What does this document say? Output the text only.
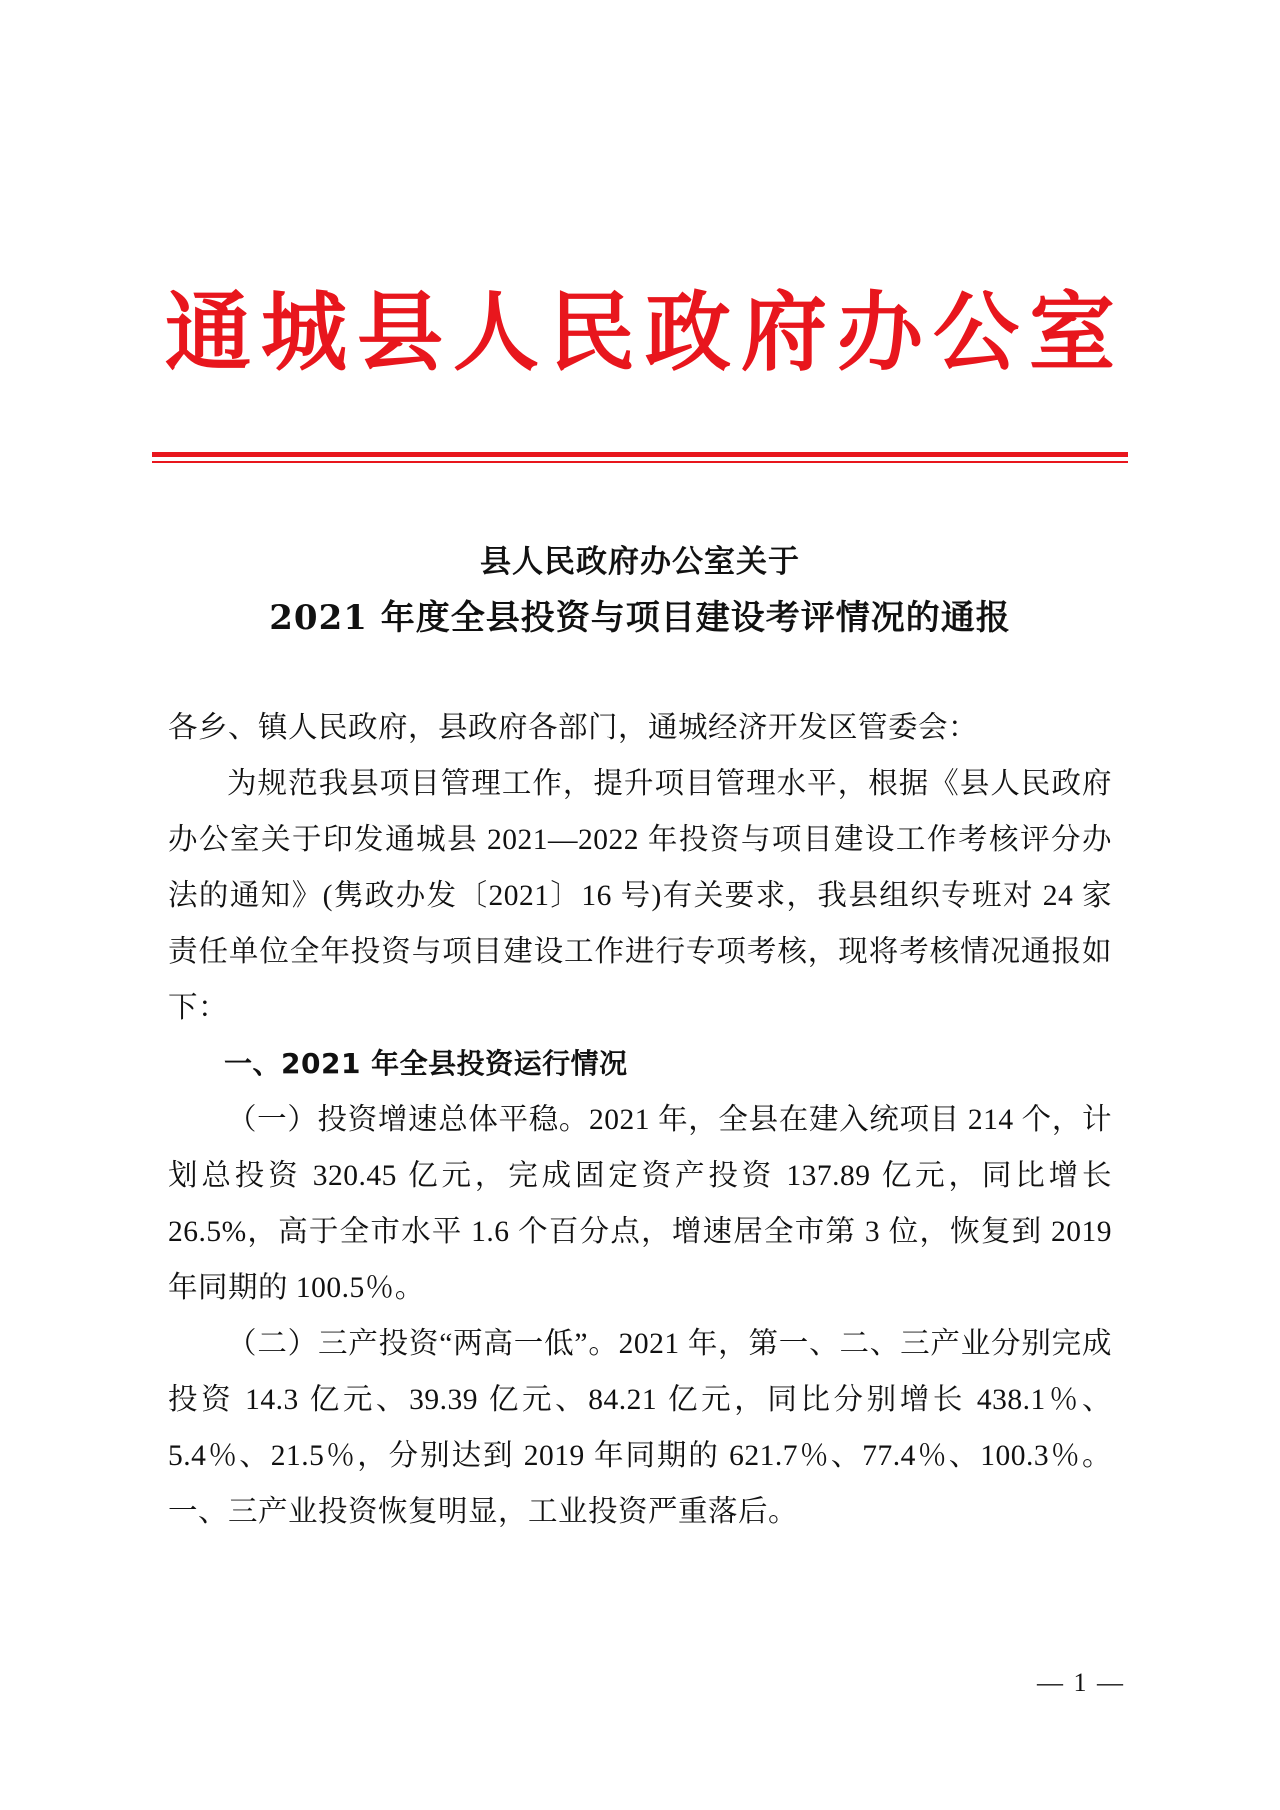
通城县人民政府办公室
县人民政府办公室关于
2021 年度全县投资与项目建设考评情况的通报

各乡、镇人民政府，县政府各部门，通城经济开发区管委会：

为规范我县项目管理工作，提升项目管理水平，根据《县人民政府办公室关于印发通城县 2021—2022 年投资与项目建设工作考核评分办法的通知》(隽政办发〔2021〕16 号)有关要求，我县组织专班对 24 家责任单位全年投资与项目建设工作进行专项考核，现将考核情况通报如下：

一、2021 年全县投资运行情况

（一）投资增速总体平稳。2021 年，全县在建入统项目 214 个，计划总投资 320.45 亿元，完成固定资产投资 137.89 亿元，同比增长 26.5%，高于全市水平 1.6 个百分点，增速居全市第 3 位，恢复到 2019 年同期的 100.5％。

（二）三产投资“两高一低”。2021 年，第一、二、三产业分别完成投资 14.3 亿元、39.39 亿元、84.21 亿元，同比分别增长 438.1％、5.4％、21.5％，分别达到 2019 年同期的 621.7％、77.4％、100.3％。一、三产业投资恢复明显，工业投资严重落后。

— 1 —
